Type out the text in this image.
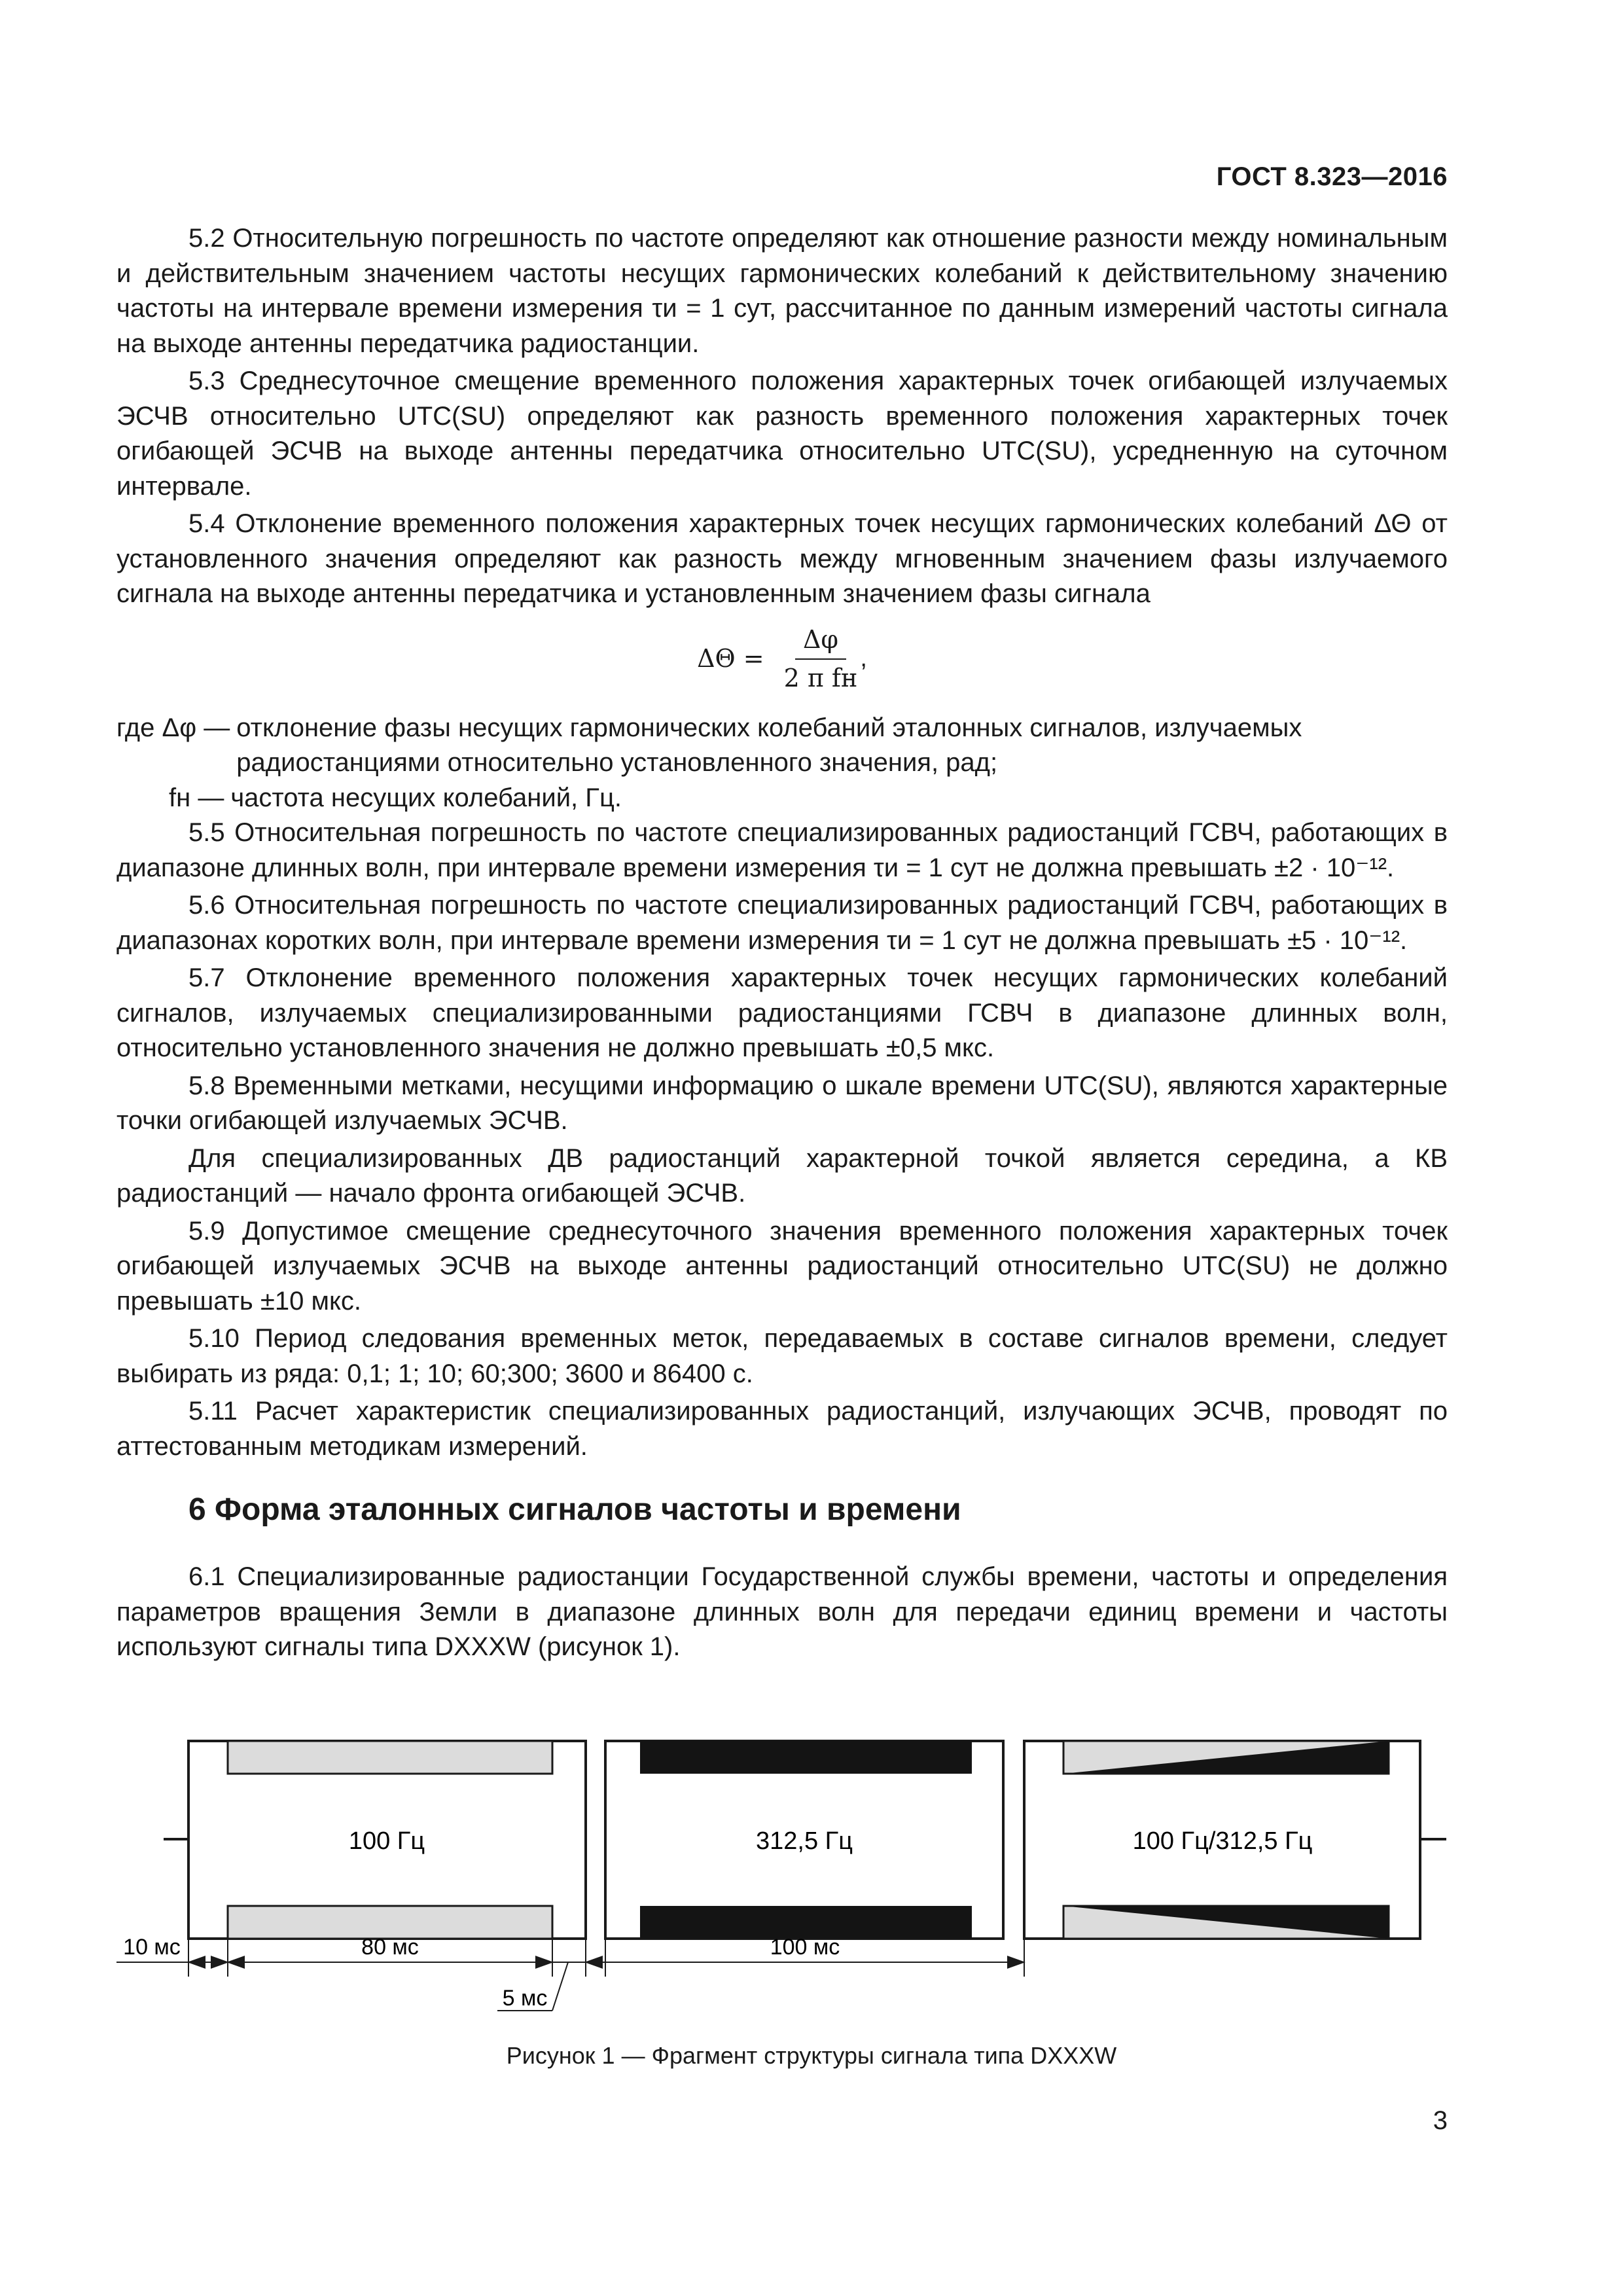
ГОСТ 8.323—2016

5.2 Относительную погрешность по частоте определяют как отношение разности между номинальным и действительным значением частоты несущих гармонических колебаний к действительному значению частоты на интервале времени измерения τи = 1 сут, рассчитанное по данным измерений частоты сигнала на выходе антенны передатчика радиостанции.

5.3 Среднесуточное смещение временного положения характерных точек огибающей излучаемых ЭСЧВ относительно UTC(SU) определяют как разность временного положения характерных точек огибающей ЭСЧВ на выходе антенны передатчика относительно UTC(SU), усредненную на суточном интервале.

5.4 Отклонение временного положения характерных точек несущих гармонических колебаний ΔΘ от установленного значения определяют как разность между мгновенным значением фазы излучаемого сигнала на выходе антенны передатчика и установленным значением фазы сигнала

$\Delta\Theta = \frac{\Delta\varphi}{\text{2 π fн}}$ ,
где Δφ — отклонение фазы несущих гармонических колебаний эталонных сигналов, излучаемых радиостанциями относительно установленного значения, рад;
fн — частота несущих колебаний, Гц.

5.5 Относительная погрешность по частоте специализированных радиостанций ГСВЧ, работающих в диапазоне длинных волн, при интервале времени измерения τи = 1 сут не должна превышать ±2 · 10⁻¹².

5.6 Относительная погрешность по частоте специализированных радиостанций ГСВЧ, работающих в диапазонах коротких волн, при интервале времени измерения τи = 1 сут не должна превышать ±5 · 10⁻¹².

5.7 Отклонение временного положения характерных точек несущих гармонических колебаний сигналов, излучаемых специализированными радиостанциями ГСВЧ в диапазоне длинных волн, относительно установленного значения не должно превышать ±0,5 мкс.

5.8 Временными метками, несущими информацию о шкале времени UTC(SU), являются характерные точки огибающей излучаемых ЭСЧВ.

Для специализированных ДВ радиостанций характерной точкой является середина, а КВ радиостанций — начало фронта огибающей ЭСЧВ.

5.9 Допустимое смещение среднесуточного значения временного положения характерных точек огибающей излучаемых ЭСЧВ на выходе антенны радиостанций относительно UTC(SU) не должно превышать ±10 мкс.

5.10 Период следования временных меток, передаваемых в составе сигналов времени, следует выбирать из ряда: 0,1; 1; 10; 60;300; 3600 и 86400 с.

5.11 Расчет характеристик специализированных радиостанций, излучающих ЭСЧВ, проводят по аттестованным методикам измерений.

6 Форма эталонных сигналов частоты и времени

6.1 Специализированные радиостанции Государственной службы времени, частоты и определения параметров вращения Земли в диапазоне длинных волн для передачи единиц времени и частоты используют сигналы типа DXXXW (рисунок 1).

100 Гц	312,5 Гц	100 Гц/312,5 Гц
10 мс	80 мс	100 мс
5 мс
Рисунок 1 — Фрагмент структуры сигнала типа DXXXW
3
